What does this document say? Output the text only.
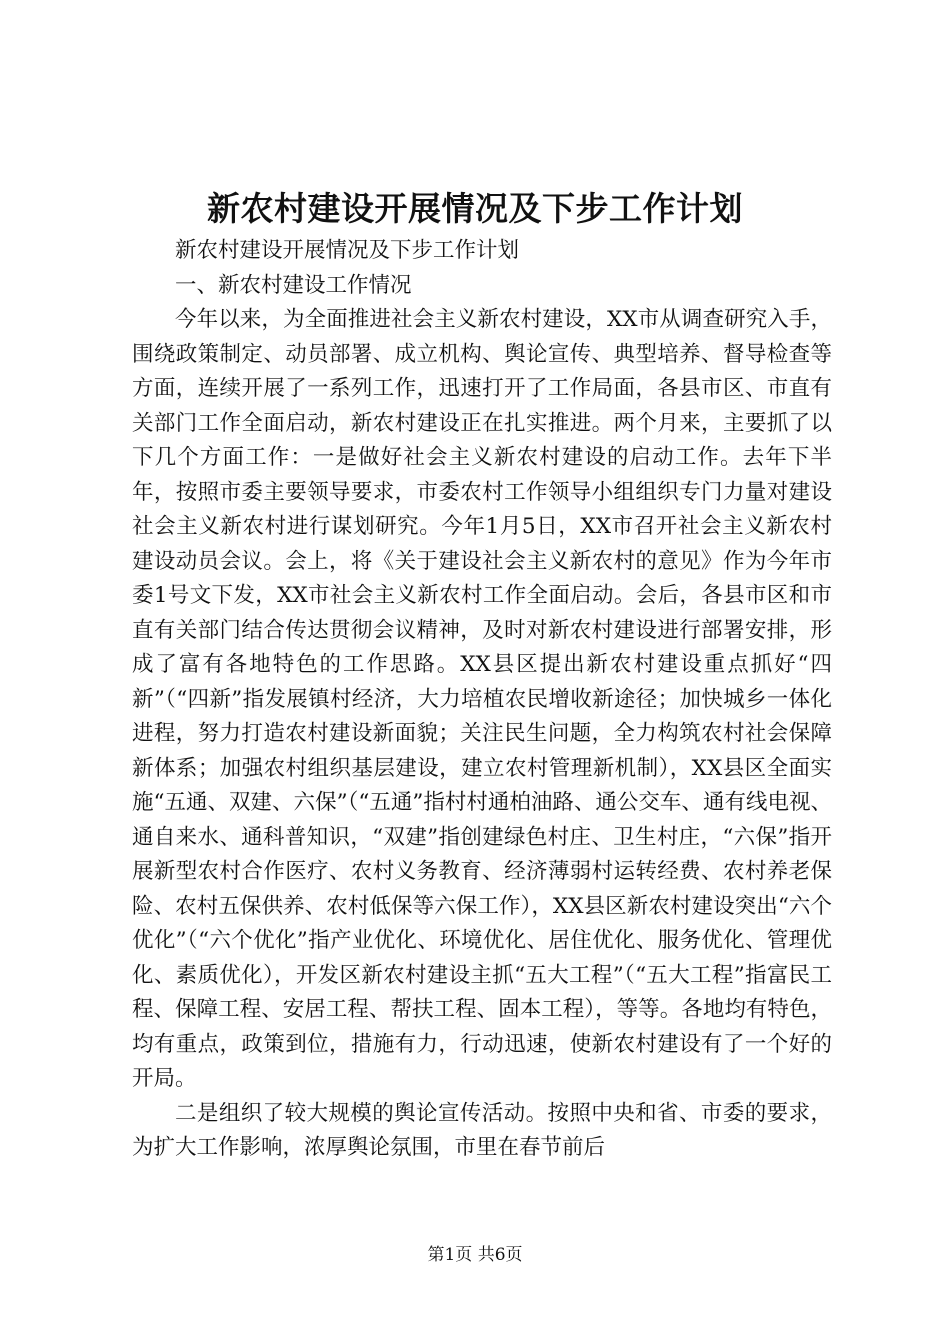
新农村建设开展情况及下步工作计划

新农村建设开展情况及下步工作计划

一、新农村建设工作情况

今年以来，为全面推进社会主义新农村建设，XX市从调查研究入手，围绕政策制定、动员部署、成立机构、舆论宣传、典型培养、督导检查等方面，连续开展了一系列工作，迅速打开了工作局面，各县市区、市直有关部门工作全面启动，新农村建设正在扎实推进。两个月来，主要抓了以下几个方面工作：一是做好社会主义新农村建设的启动工作。去年下半年，按照市委主要领导要求，市委农村工作领导小组组织专门力量对建设社会主义新农村进行谋划研究。今年1月5日，XX市召开社会主义新农村建设动员会议。会上，将《关于建设社会主义新农村的意见》作为今年市委1号文下发，XX市社会主义新农村工作全面启动。会后，各县市区和市直有关部门结合传达贯彻会议精神，及时对新农村建设进行部署安排，形成了富有各地特色的工作思路。XX县区提出新农村建设重点抓好“四新”（“四新”指发展镇村经济，大力培植农民增收新途径；加快城乡一体化进程，努力打造农村建设新面貌；关注民生问题，全力构筑农村社会保障新体系；加强农村组织基层建设，建立农村管理新机制），XX县区全面实施“五通、双建、六保”（“五通”指村村通柏油路、通公交车、通有线电视、通自来水、通科普知识，“双建”指创建绿色村庄、卫生村庄，“六保”指开展新型农村合作医疗、农村义务教育、经济薄弱村运转经费、农村养老保险、农村五保供养、农村低保等六保工作），XX县区新农村建设突出“六个优化”（“六个优化”指产业优化、环境优化、居住优化、服务优化、管理优化、素质优化），开发区新农村建设主抓“五大工程”（“五大工程”指富民工程、保障工程、安居工程、帮扶工程、固本工程），等等。各地均有特色，均有重点，政策到位，措施有力，行动迅速，使新农村建设有了一个好的开局。

二是组织了较大规模的舆论宣传活动。按照中央和省、市委的要求，为扩大工作影响，浓厚舆论氛围，市里在春节前后

第1页 共6页
